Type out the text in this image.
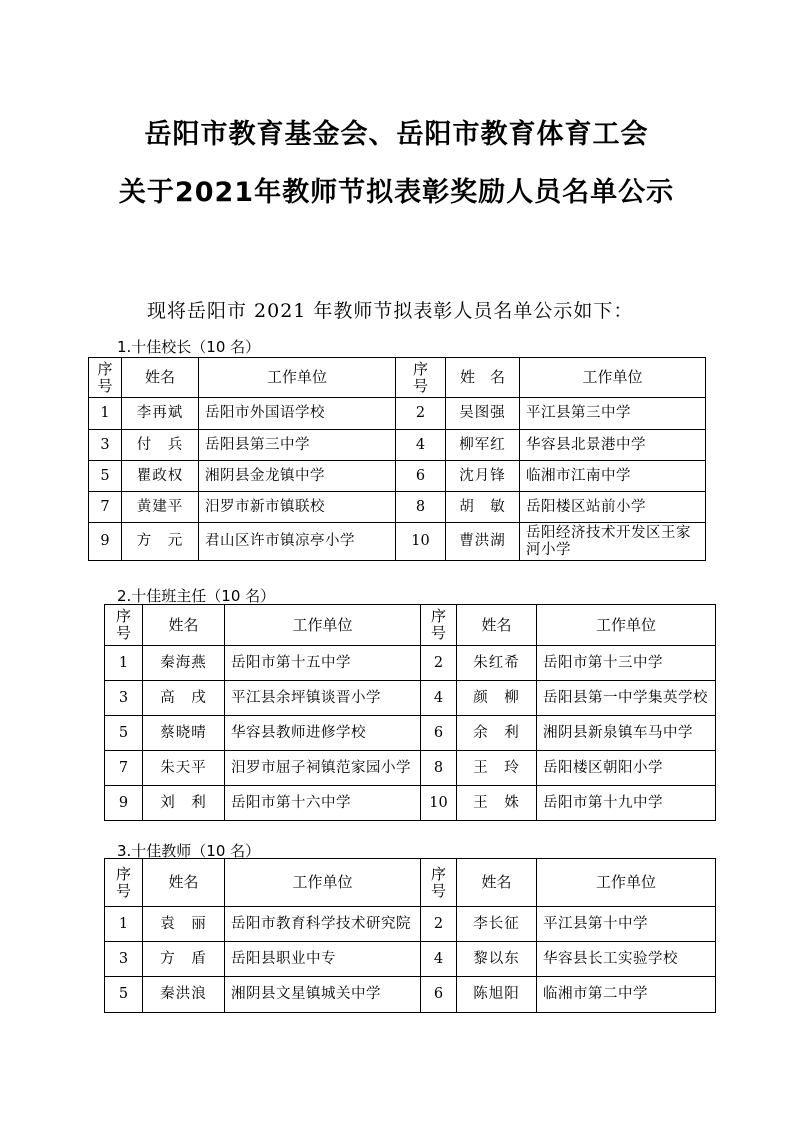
岳阳市教育基金会、岳阳市教育体育工会
关于2021年教师节拟表彰奖励人员名单公示
现将岳阳市 2021 年教师节拟表彰人员名单公示如下：
1.十佳校长（10 名）
序号	姓名	工作单位	序号	姓　名	工作单位
1	李再斌	岳阳市外国语学校	2	吴图强	平江县第三中学
3	付　兵	岳阳县第三中学	4	柳军红	华容县北景港中学
5	瞿政权	湘阴县金龙镇中学	6	沈月锋	临湘市江南中学
7	黄建平	汨罗市新市镇联校	8	胡　敏	岳阳楼区站前小学
9	方　元	君山区许市镇凉亭小学	10	曹洪湖	岳阳经济技术开发区王家河小学
2.十佳班主任（10 名）
序号	姓名	工作单位	序号	姓名	工作单位
1	秦海燕	岳阳市第十五中学	2	朱红希	岳阳市第十三中学
3	高　戌	平江县余坪镇谈晋小学	4	颜　柳	岳阳县第一中学集英学校
5	蔡晓晴	华容县教师进修学校	6	余　利	湘阴县新泉镇车马中学
7	朱天平	汨罗市屈子祠镇范家园小学	8	王　玲	岳阳楼区朝阳小学
9	刘　利	岳阳市第十六中学	10	王　姝	岳阳市第十九中学
3.十佳教师（10 名）
序号	姓名	工作单位	序号	姓名	工作单位
1	袁　丽	岳阳市教育科学技术研究院	2	李长征	平江县第十中学
3	方　盾	岳阳县职业中专	4	黎以东	华容县长工实验学校
5	秦洪浪	湘阴县文星镇城关中学	6	陈旭阳	临湘市第二中学
